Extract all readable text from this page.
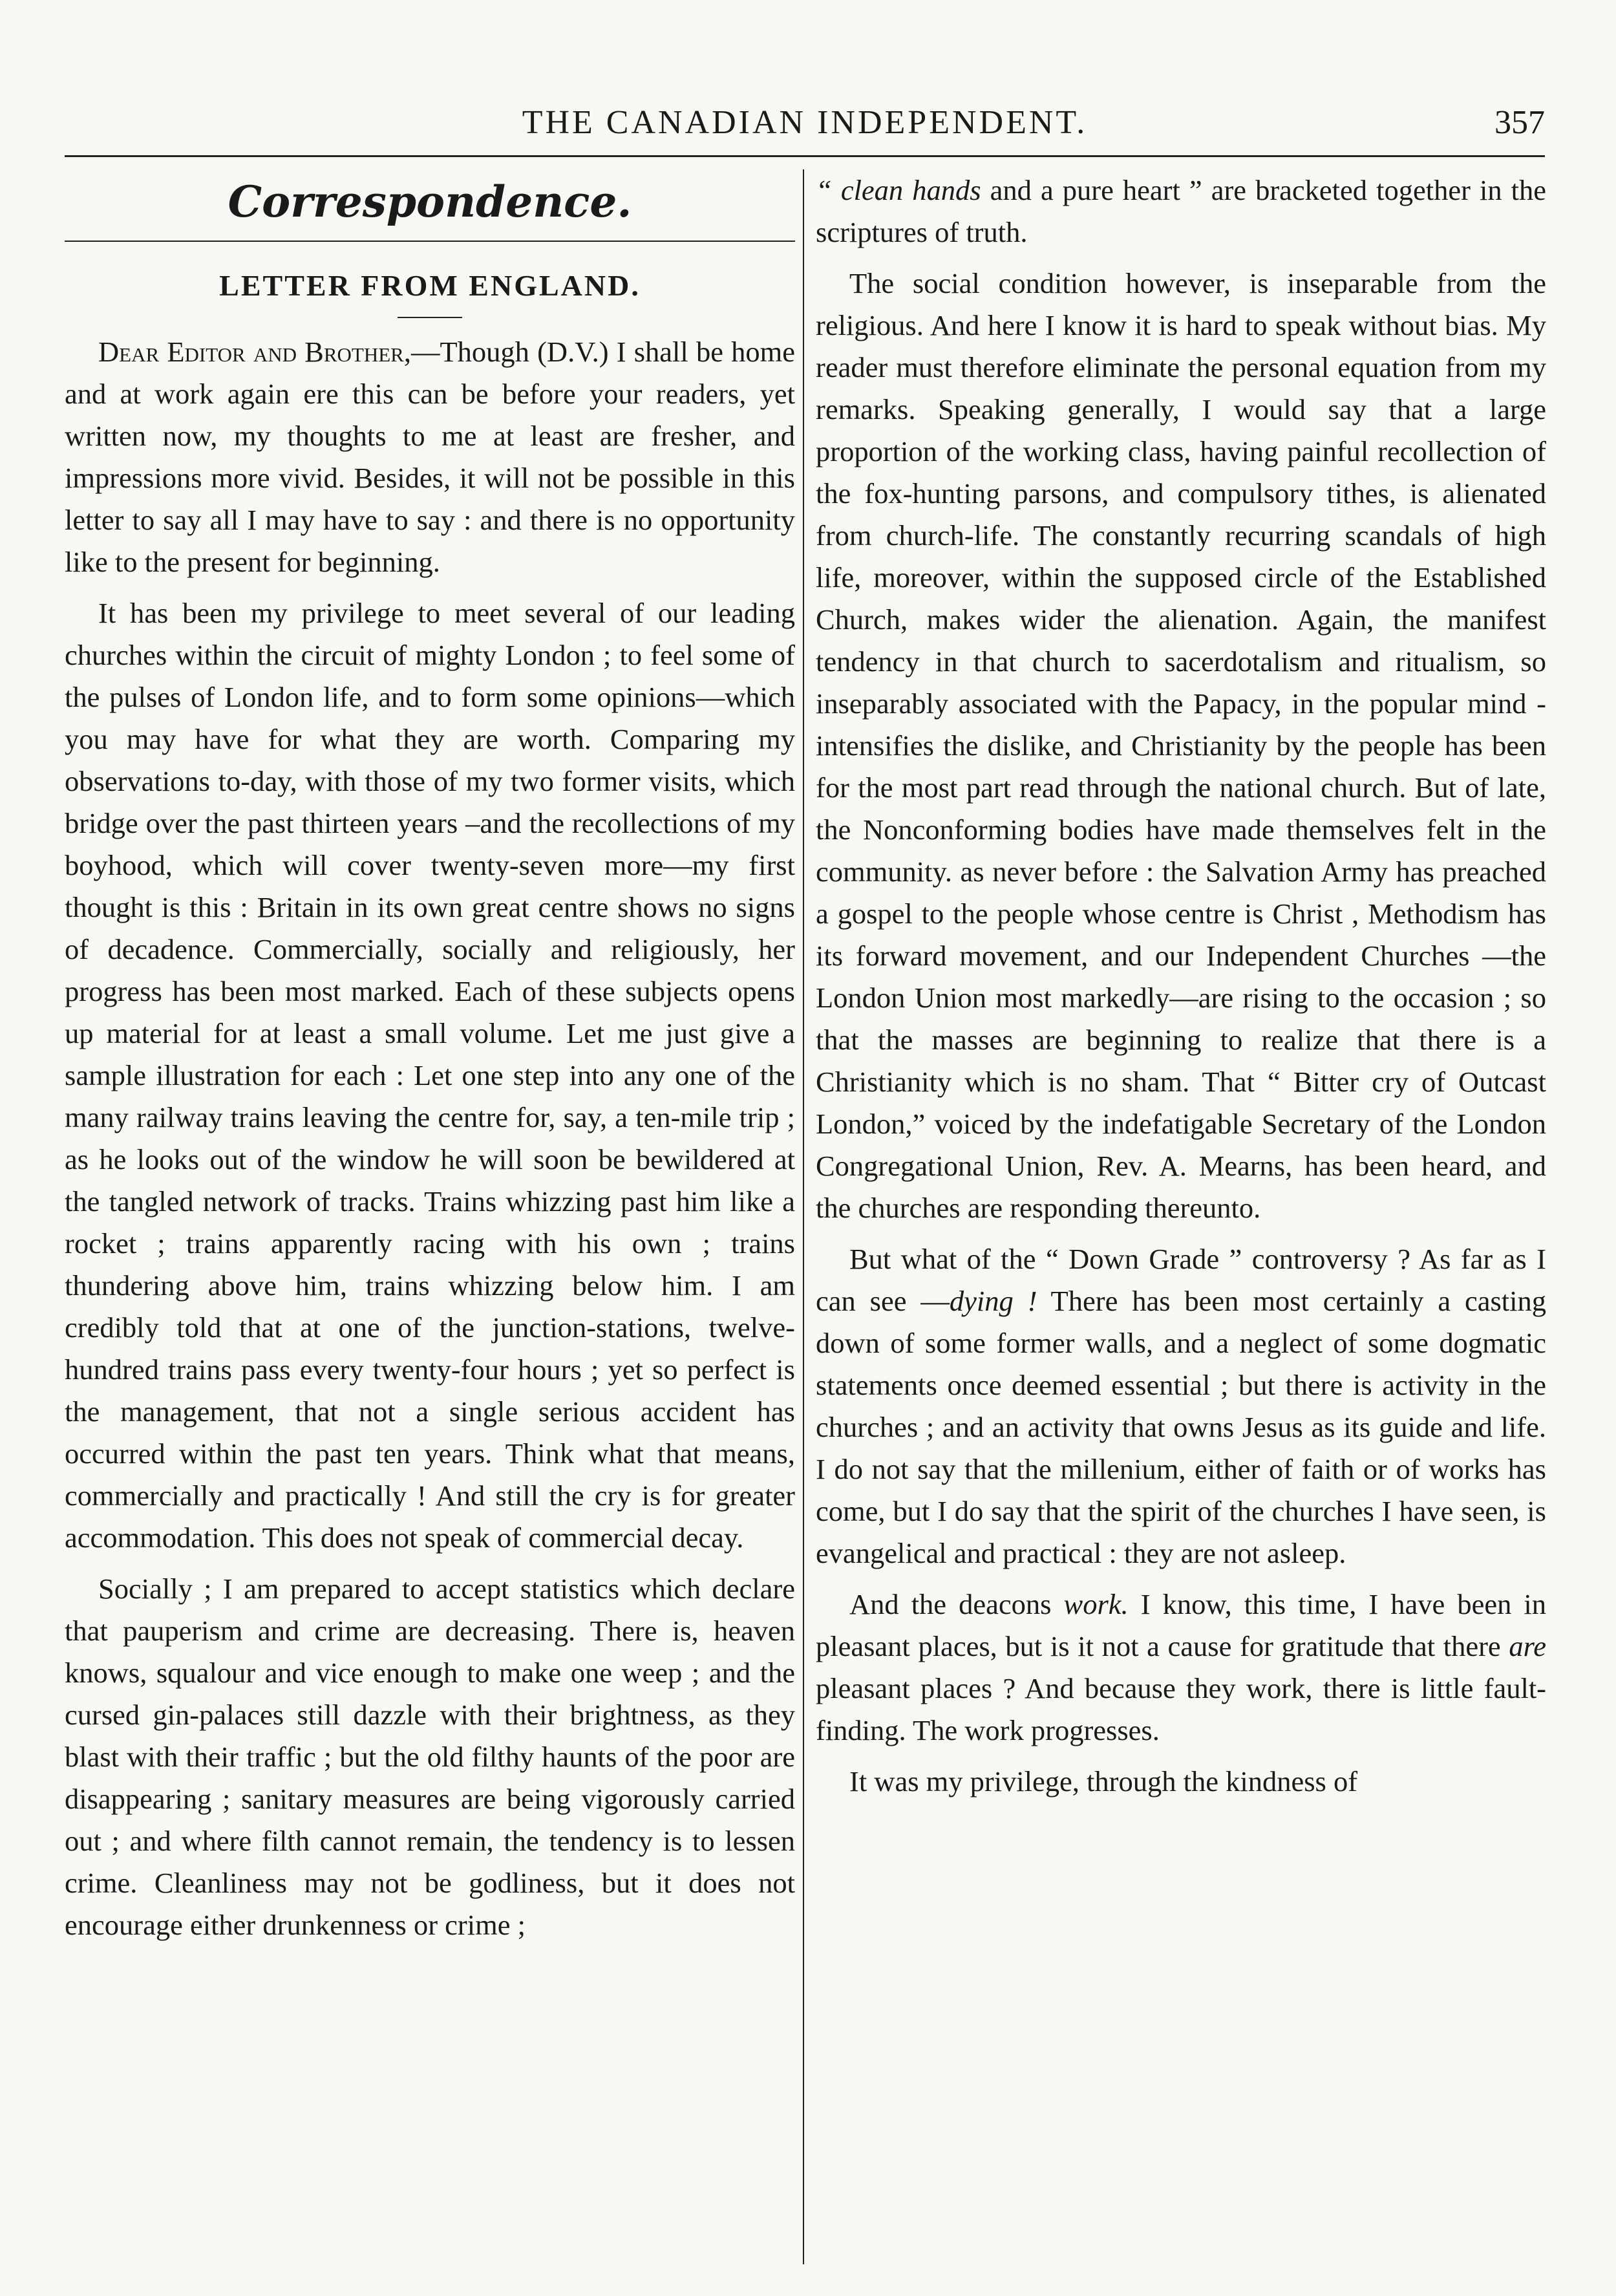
THE CANADIAN INDEPENDENT.	357
Correspondence.
LETTER FROM ENGLAND.

Dear Editor and Brother,—Though (D.V.) I shall be home and at work again ere this can be before your readers, yet written now, my thoughts to me at least are fresher, and impressions more vivid. Besides, it will not be possible in this letter to say all I may have to say : and there is no opportunity like to the present for beginning.

It has been my privilege to meet several of our leading churches within the circuit of mighty London ; to feel some of the pulses of London life, and to form some opinions—which you may have for what they are worth. Comparing my observations to-day, with those of my two former visits, which bridge over the past thirteen years –and the recollections of my boyhood, which will cover twenty-seven more—my first thought is this : Britain in its own great centre shows no signs of decadence. Commercially, socially and religiously, her progress has been most marked. Each of these subjects opens up material for at least a small volume. Let me just give a sample illustration for each : Let one step into any one of the many railway trains leaving the centre for, say, a ten-mile trip ; as he looks out of the window he will soon be bewildered at the tangled network of tracks. Trains whizzing past him like a rocket ; trains apparently racing with his own ; trains thundering above him, trains whizzing below him. I am credibly told that at one of the junction-stations, twelve-hundred trains pass every twenty-four hours ; yet so perfect is the management, that not a single serious accident has occurred within the past ten years. Think what that means, commercially and practically ! And still the cry is for greater accommodation. This does not speak of commercial decay.

Socially ; I am prepared to accept statistics which declare that pauperism and crime are decreasing. There is, heaven knows, squalour and vice enough to make one weep ; and the cursed gin-palaces still dazzle with their brightness, as they blast with their traffic ; but the old filthy haunts of the poor are disappearing ; sanitary measures are being vigorously carried out ; and where filth cannot remain, the tendency is to lessen crime. Cleanliness may not be godliness, but it does not encourage either drunkenness or crime ;

“ clean hands and a pure heart ” are bracketed together in the scriptures of truth.

The social condition however, is inseparable from the religious. And here I know it is hard to speak without bias. My reader must therefore eliminate the personal equation from my remarks. Speaking generally, I would say that a large proportion of the working class, having painful recollection of the fox-hunting parsons, and compulsory tithes, is alienated from church-life. The constantly recurring scandals of high life, moreover, within the supposed circle of the Established Church, makes wider the alienation. Again, the manifest tendency in that church to sacerdotalism and ritualism, so inseparably associated with the Papacy, in the popular mind - intensifies the dislike, and Christianity by the people has been for the most part read through the national church. But of late, the Nonconforming bodies have made themselves felt in the community. as never before : the Salvation Army has preached a gospel to the people whose centre is Christ , Methodism has its forward movement, and our Independent Churches —the London Union most markedly—are rising to the occasion ; so that the masses are beginning to realize that there is a Christianity which is no sham. That “ Bitter cry of Outcast London,” voiced by the indefatigable Secretary of the London Congregational Union, Rev. A. Mearns, has been heard, and the churches are responding thereunto.

But what of the “ Down Grade ” controversy ? As far as I can see —dying ! There has been most certainly a casting down of some former walls, and a neglect of some dogmatic statements once deemed essential ; but there is activity in the churches ; and an activity that owns Jesus as its guide and life. I do not say that the millenium, either of faith or of works has come, but I do say that the spirit of the churches I have seen, is evangelical and practical : they are not asleep.

And the deacons work. I know, this time, I have been in pleasant places, but is it not a cause for gratitude that there are pleasant places ? And because they work, there is little fault-finding. The work progresses.

It was my privilege, through the kindness of
